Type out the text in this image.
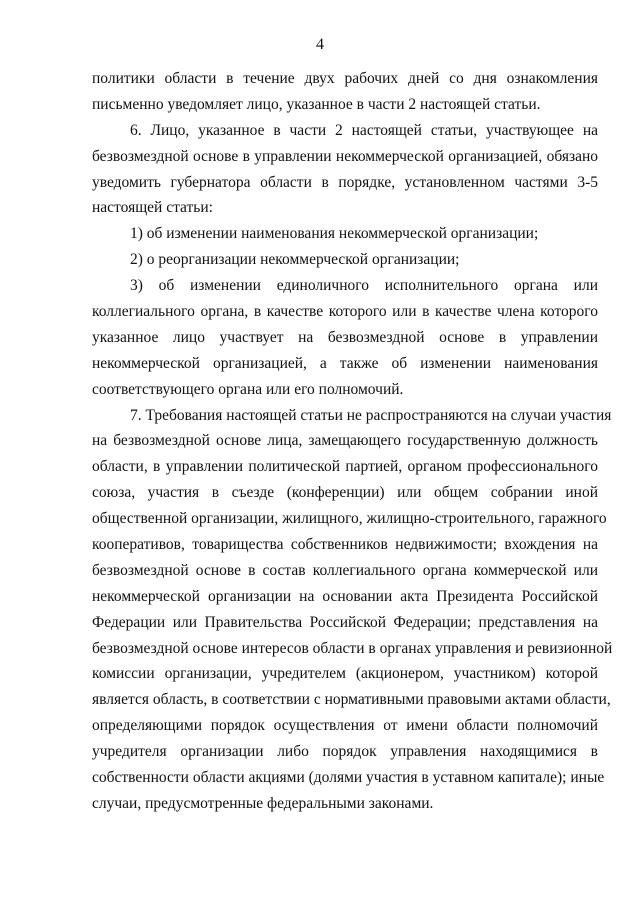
4
политики области в течение двух рабочих дней со дня ознакомления
письменно уведомляет лицо, указанное в части 2 настоящей статьи.
6. Лицо, указанное в части 2 настоящей статьи, участвующее на
безвозмездной основе в управлении некоммерческой организацией, обязано
уведомить губернатора области в порядке, установленном частями 3-5
настоящей статьи:
1) об изменении наименования некоммерческой организации;
2) о реорганизации некоммерческой организации;
3) об изменении единоличного исполнительного органа или
коллегиального органа, в качестве которого или в качестве члена которого
указанное лицо участвует на безвозмездной основе в управлении
некоммерческой организацией, а также об изменении наименования
соответствующего органа или его полномочий.
7. Требования настоящей статьи не распространяются на случаи участия
на безвозмездной основе лица, замещающего государственную должность
области, в управлении политической партией, органом профессионального
союза, участия в съезде (конференции) или общем собрании иной
общественной организации, жилищного, жилищно-строительного, гаражного
кооперативов, товарищества собственников недвижимости; вхождения на
безвозмездной основе в состав коллегиального органа коммерческой или
некоммерческой организации на основании акта Президента Российской
Федерации или Правительства Российской Федерации; представления на
безвозмездной основе интересов области в органах управления и ревизионной
комиссии организации, учредителем (акционером, участником) которой
является область, в соответствии с нормативными правовыми актами области,
определяющими порядок осуществления от имени области полномочий
учредителя организации либо порядок управления находящимися в
собственности области акциями (долями участия в уставном капитале); иные
случаи, предусмотренные федеральными законами.
